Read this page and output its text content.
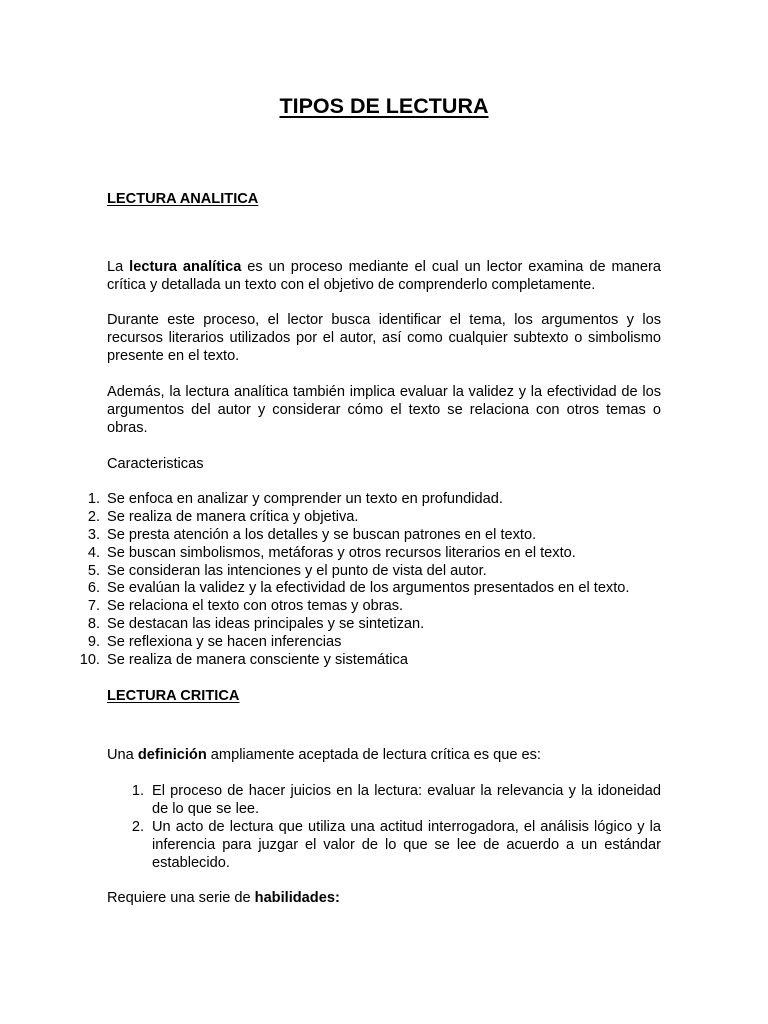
TIPOS DE LECTURA
LECTURA ANALITICA
La lectura analítica es un proceso mediante el cual un lector examina de manera crítica y detallada un texto con el objetivo de comprenderlo completamente.
Durante este proceso, el lector busca identificar el tema, los argumentos y los recursos literarios utilizados por el autor, así como cualquier subtexto o simbolismo presente en el texto.
Además, la lectura analítica también implica evaluar la validez y la efectividad de los argumentos del autor y considerar cómo el texto se relaciona con otros temas o obras.
Caracteristicas
1. Se enfoca en analizar y comprender un texto en profundidad.
2. Se realiza de manera crítica y objetiva.
3. Se presta atención a los detalles y se buscan patrones en el texto.
4. Se buscan simbolismos, metáforas y otros recursos literarios en el texto.
5. Se consideran las intenciones y el punto de vista del autor.
6. Se evalúan la validez y la efectividad de los argumentos presentados en el texto.
7. Se relaciona el texto con otros temas y obras.
8. Se destacan las ideas principales y se sintetizan.
9. Se reflexiona y se hacen inferencias
10. Se realiza de manera consciente y sistemática
LECTURA CRITICA
Una definición ampliamente aceptada de lectura crítica es que es:
1. El proceso de hacer juicios en la lectura: evaluar la relevancia y la idoneidad de lo que se lee.
2. Un acto de lectura que utiliza una actitud interrogadora, el análisis lógico y la inferencia para juzgar el valor de lo que se lee de acuerdo a un estándar establecido.
Requiere una serie de habilidades:
